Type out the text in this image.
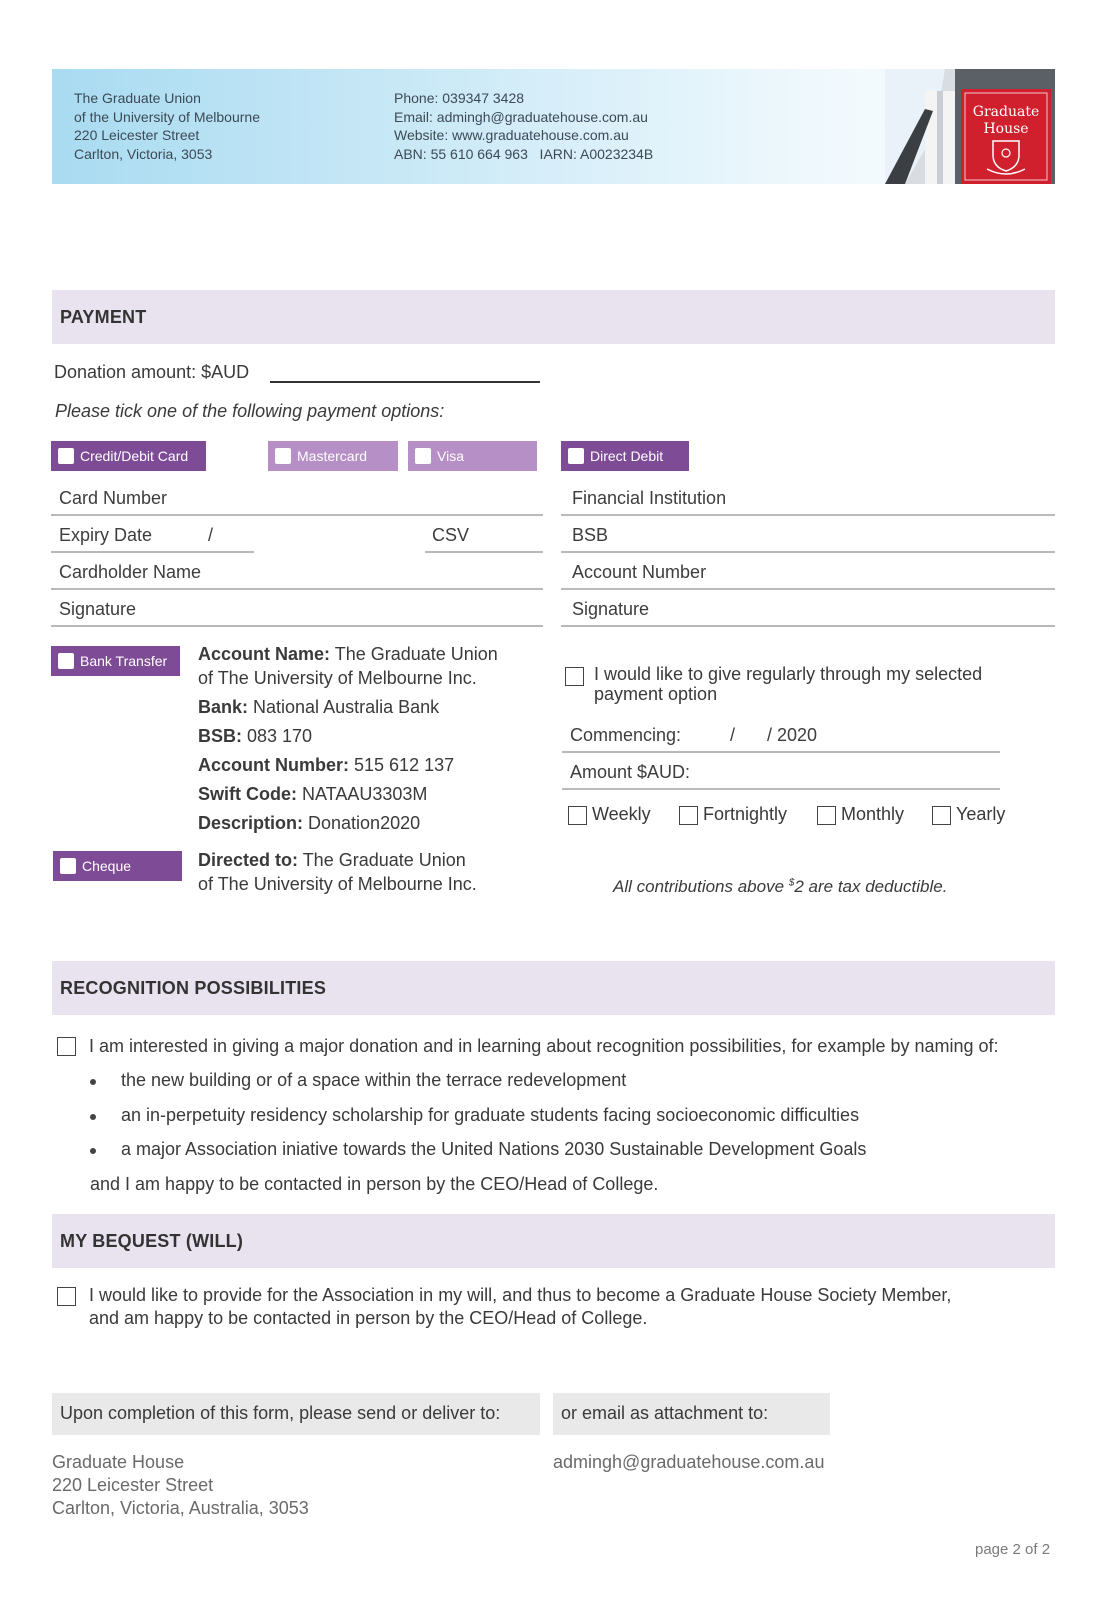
The Graduate Union
of the University of Melbourne
220 Leicester Street
Carlton, Victoria, 3053
Phone: 039347 3428
Email: admingh@graduatehouse.com.au
Website: www.graduatehouse.com.au
ABN: 55 610 664 963   IARN: A0023234B
Graduate
House
PAYMENT
Donation amount: $AUD
Please tick one of the following payment options:
Credit/Debit Card	Mastercard	Visa	Direct Debit
Card Number
Expiry Date	/	CSV
Cardholder Name
Signature
Financial Institution
BSB
Account Number
Signature
Bank Transfer Account Name: The Graduate Union
of The University of Melbourne Inc.
Bank: National Australia Bank
BSB: 083 170
Account Number: 515 612 137
Swift Code: NATAAU3303M
Description: Donation2020
Cheque	Directed to: The Graduate Union
of The University of Melbourne Inc.
I would like to give regularly through my selected
payment option
Commencing:	/ / 2020
Amount $AUD:
Weekly	Fortnightly	Monthly	Yearly
All contributions above $2 are tax deductible.
RECOGNITION POSSIBILITIES
I am interested in giving a major donation and in learning about recognition possibilities, for example by naming of:
the new building or of a space within the terrace redevelopment
an in-perpetuity residency scholarship for graduate students facing socioeconomic difficulties
a major Association iniative towards the United Nations 2030 Sustainable Development Goals
and I am happy to be contacted in person by the CEO/Head of College.
MY BEQUEST (WILL)
I would like to provide for the Association in my will, and thus to become a Graduate House Society Member,
and am happy to be contacted in person by the CEO/Head of College.
Upon completion of this form, please send or deliver to:	or email as attachment to:
Graduate House
220 Leicester Street
Carlton, Victoria, Australia, 3053
admingh@graduatehouse.com.au
page 2 of 2
